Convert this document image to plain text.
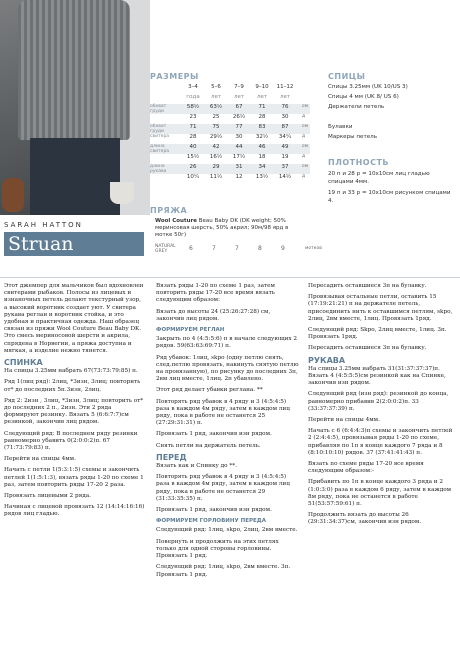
SARAH HATTON
Struan
РАЗМЕРЫ
3–4	5–6	7–9	9–10	11–12
года	лет	лет	лет	лет
обхват груди
58½	63½	67	71	76	см
23	25	26½	28	30	д
обхват груди свитера
71	75	77	83	87	см
28	29½	30	32½	34¼	д
длина свитера
40	42	44	46	49	см
15½	16½	17½	18	19	д
длина рукава
26	29	31	34	37	см
10¼	11½	12	13½	14½	д
СПИЦЫ
Спицы 3.25мм (UK 10/US 3)
Спицы 4 мм (UK 8/ US 6)
Держатели петель
Булавки
Маркеры петель
ПЛОТНОСТЬ
20 п и 28 р = 10х10см лиц гладью спицами 4мм.
19 п и 33 р = 10х10см рисунком спицами 4.
ПРЯЖА
Wool Couture Beau Baby DK (DK weight; 50% меринсовая шерсть, 50% акрил; 90м/98 ярд в мотке 50г)
NATURAL GREY	6	7	7	8	9	мотков

Этот джемпер для мальчиков был вдохновлен свитерами рыбаков. Полосы из лицевых и изнаночных петель делают текстурный узор, а высокий воротник создает уют. У свитера рукава реглан и воротник стойка, и это удобная и практичная одежда. Наш образец связан из пряжи Wool Couture Beau Baby DK. Это смесь мериносовой шерсти и акрила, спрядена в Норвегии, а пряжа доступна и мягкая, а изделие нежно тянется.

СПИНКА

На спицы 3.25мм набрать 67(73:73:79:85) п.

Ряд 1(лиц ряд): 2лиц, *3изн, 3лиц; повторить от* до последних 5п.3изн, 2лиц.

Ряд 2: 2изн , 3лиц, *3изн, 3лиц; повторить от* до последних 2 п., 2изн. Эти 2 ряда формируют резинку. Вязать 5 (6:6:7:7)см резинкой, закончив лиц рядом.

Следующий ряд: В последнем ряду резинки равномерно убавить 0(2:0:0:2)п. 67 (71:73:79:83) п.

Перейти на спицы 4мм.

Начать с петли 1(5:3:1:5) схемы и закончить петлей 1(1:5:1:3), вязать ряды 1-20 по схеме 1 раз, затем повторить ряды 17-20 2 раза.

Провязать лицевыми 2 ряда.

Начиная с лицевой провязать 12 (14:14:16:16) рядов лиц гладью.

Вязать ряды 1-20 по схеме 1 раз, затем повторить ряды 17-20 все время вязать следующим образом:

Вязать до высоты 24 (25:26:27:28) см, закончив лиц рядом.

ФОРМИРУЕМ РЕГЛАН

Закрыть по 4 (4:5:5:6) п в начале следующих 2 рядов. 59(63:63:69:71) п.

Ряд убавок: 1лиц, skpo (одну петлю снять, след.петлю провязать, накинуть снятую петлю на провязанную), по рисунку до последних 3п, 2вм лиц вместе, 1лиц. 2п убавлено.

Этот ряд делает убавки реглана. **

Повторять ряд убавок в 4 ряду и 3 (4:5:4:5) раза в каждом 4м ряду, затем в каждом лиц ряду, пока в работе не останется 25 (27:29:31:31) п.

Провязать 1 ряд, закончив изн рядом.

Снять петли на держатель петель.

ПЕРЕД

Вязать как и Спинку до **.

Повторять ряд убавок в 4 ряду и 3 (4:5:4:5) раза в каждом 4м ряду, затем в каждом лиц ряду, пока в работе не останется 29 (31:33:35:35) п.

Провязать 1 ряд, закончив изн рядом.

ФОРМИРУЕМ ГОРЛОВИНУ ПЕРЕДА

Следующий ряд: 1лиц, skpo, 2лиц, 2вм вместе.

Повернуть и продолжить на этих петлях только для одной стороны горловины. Провязать 1 ряд.

Следующий ряд: 1лиц, skpo, 2вм вместе. 3п. Провязать 1 ряд.

Пересадить оставшиеся 3п на булавку.

Провязывая остальные петли, оставить 15 (17:19:21:21) п на держателе петель, присоединить нить к оставшимся петлям, skpo, 2лиц, 2вм вместе, 1лиц. Провязать 1ряд.

Следующий ряд: Skpo, 2лиц вместе, 1лиц. 3п. Провязать 1ряд.

Пересадить оставшиеся 3п на булавку.

РУКАВА

На спицы 3.25мм набрать 31(31:37:37:37)п. Вязать 4 (4:5:5:5)см резинкой как на Спинке, закончив изн рядом.

Следующий ряд (изн ряд): резинкой до конца, равномерно прибавив 2(2:0:0:2)п. 33 (33:37:37:39) п.

Перейти на спицы 4мм.

Начать с 6 (6:4:4:3)п схемы и закончить петлей 2 (2:4:4:5), провязывая ряды 1-20 по схеме, прибавляя по 1п в конце каждого 7 ряда и 8 (8:10:10:10) рядов. 37 (37:41:41:43) п.

Вязать по схеме ряды 17-20 все время следующим образом:-

Прибавить по 1п в конце каждого 3 ряда и 2 (1:0:3:0) раза в каждом 6 ряду, затем в каждом 8м ряду, пока не останется в работе 51(53:57:59:61) п.

Продолжить вязать до высоты 26 (29:31:34:37)см, закончив изн рядом.
